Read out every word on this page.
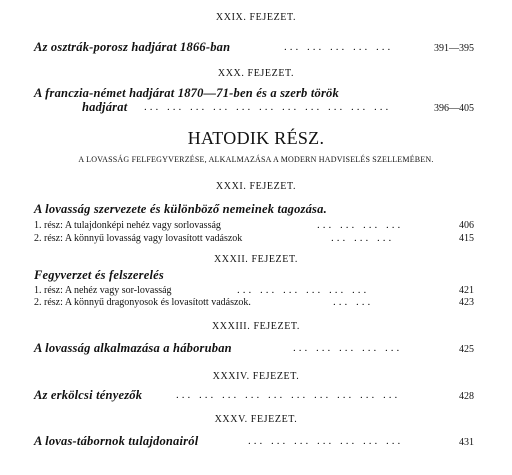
XXIX. FEJEZET.
Az osztrák-porosz hadjárat 1866-ban	... ... ... ... ...	391—395
XXX. FEJEZET.
A franczia-német hadjárat 1870—71-ben és a szerb török
hadjárat ... ... ... ... ... ... ... ... ... ... ...	396—405
HATODIK RÉSZ.
A LOVASSÁG FELFEGYVERZÉSE, ALKALMAZÁSA A MODERN HADVISELÉS SZELLEMÉBEN.
XXXI. FEJEZET.
A lovasság szervezete és különböző nemeinek tagozása.
1. rész: A tulajdonképi nehéz vagy sorlovasság	... ... ... ...	406
2. rész: A könnyű lovasság vagy lovasított vadászok	... ... ...	415
XXXII. FEJEZET.
Fegyverzet és felszerelés
1. rész: A nehéz vagy sor-lovasság	... ... ... ... ... ...	421
2. rész: A könnyű dragonyosok és lovasított vadászok.	... ...	423
XXXIII. FEJEZET.
A lovasság alkalmazása a háboruban	... ... ... ... ...	425
XXXIV. FEJEZET.
Az erkölcsi tényezők	... ... ... ... ... ... ... ... ... ...	428
XXXV. FEJEZET.
A lovas-tábornok tulajdonairól	... ... ... ... ... ... ...	431
